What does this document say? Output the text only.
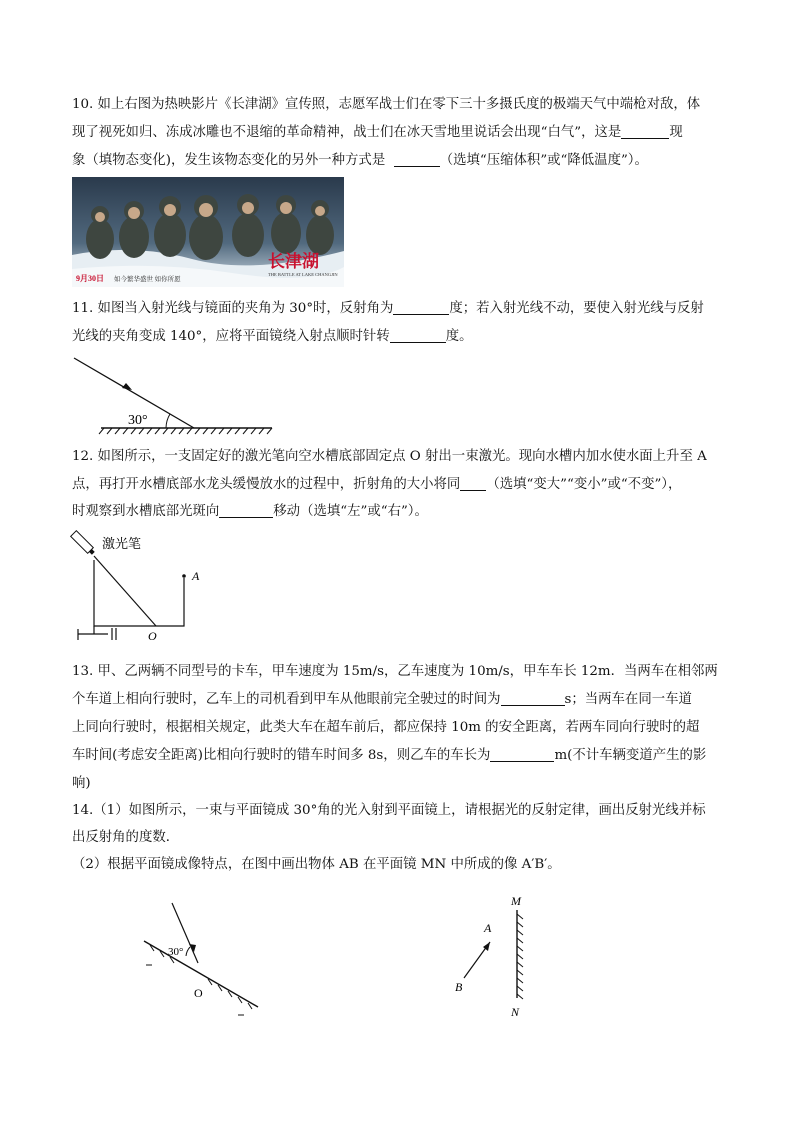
10. 如上右图为热映影片《长津湖》宣传照，志愿军战士们在零下三十多摄氏度的极端天气中端枪对敌，体
现了视死如归、冻成冰雕也不退缩的革命精神，战士们在冰天雪地里说话会出现“白气”，这是	现
象（填物态变化)，发生该物态变化的另外一种方式是	（选填“压缩体积”或“降低温度”）。
长津湖
THE BATTLE AT LAKE CHANGJIN
9月30日 如今繁华盛世 如你所愿
11. 如图当入射光线与镜面的夹角为 30°时，反射角为	度；若入射光线不动，要使入射光线与反射
光线的夹角变成 140°，应将平面镜绕入射点顺时针转	度。
30°
12. 如图所示，一支固定好的激光笔向空水槽底部固定点 O 射出一束激光。现向水槽内加水使水面上升至 A
点，再打开水槽底部水龙头缓慢放水的过程中，折射角的大小将同 （选填“变大”“变小”或“不变”），
时观察到水槽底部光斑向	移动（选填“左”或“右”）。
激光笔
A
O
13. 甲、乙两辆不同型号的卡车，甲车速度为 15m/s，乙车速度为 10m/s，甲车车长 12m．当两车在相邻两
个车道上相向行驶时，乙车上的司机看到甲车从他眼前完全驶过的时间为	s；当两车在同一车道
上同向行驶时，根据相关规定，此类大车在超车前后，都应保持 10m 的安全距离，若两车同向行驶时的超
车时间(考虑安全距离)比相向行驶时的错车时间多 8s，则乙车的车长为	m(不计车辆变道产生的影
响)
14.（1）如图所示，一束与平面镜成 30°角的光入射到平面镜上，请根据光的反射定律，画出反射光线并标
出反射角的度数．
（2）根据平面镜成像特点，在图中画出物体 AB 在平面镜 MN 中所成的像 A′B′。
30°
O
M
N
A
B
